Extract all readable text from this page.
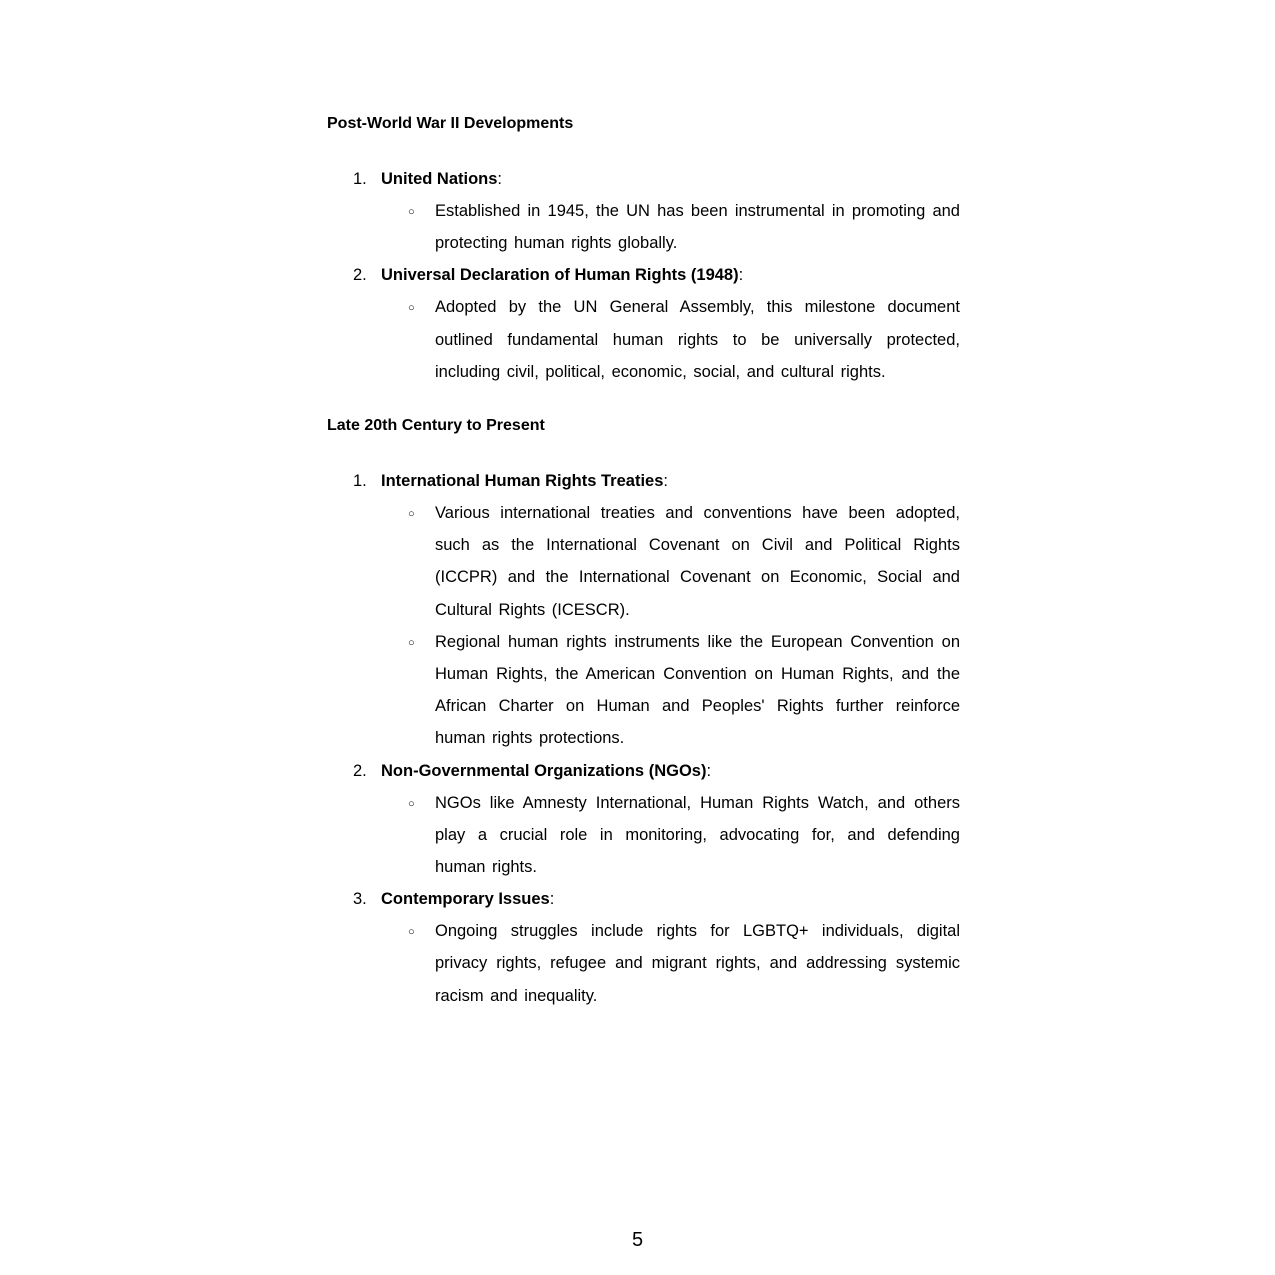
Post-World War II Developments
1. United Nations:
○ Established in 1945, the UN has been instrumental in promoting and protecting human rights globally.

2. Universal Declaration of Human Rights (1948):
○ Adopted by the UN General Assembly, this milestone document outlined fundamental human rights to be universally protected, including civil, political, economic, social, and cultural rights.

Late 20th Century to Present
1. International Human Rights Treaties:
○ Various international treaties and conventions have been adopted, such as the International Covenant on Civil and Political Rights (ICCPR) and the International Covenant on Economic, Social and Cultural Rights (ICESCR).

○ Regional human rights instruments like the European Convention on Human Rights, the American Convention on Human Rights, and the African Charter on Human and Peoples' Rights further reinforce human rights protections.

2. Non-Governmental Organizations (NGOs):
○ NGOs like Amnesty International, Human Rights Watch, and others play a crucial role in monitoring, advocating for, and defending human rights.

3. Contemporary Issues:
○ Ongoing struggles include rights for LGBTQ+ individuals, digital privacy rights, refugee and migrant rights, and addressing systemic racism and inequality.

5
